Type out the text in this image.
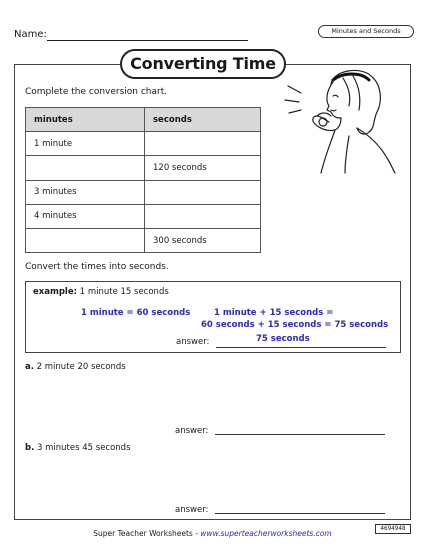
Name:	Minutes and Seconds
Converting Time
Complete the conversion chart.
minutes	seconds
1 minute	
	120 seconds
3 minutes	
4 minutes	
	300 seconds
Convert the times into seconds.
example: 1 minute 15 seconds
1 minute = 60 seconds	1 minute + 15 seconds =
60 seconds + 15 seconds = 75 seconds
answer:	75 seconds
a. 2 minute 20 seconds
answer:
b. 3 minutes 45 seconds
answer:
Super Teacher Worksheets - www.superteacherworksheets.com
4694948
